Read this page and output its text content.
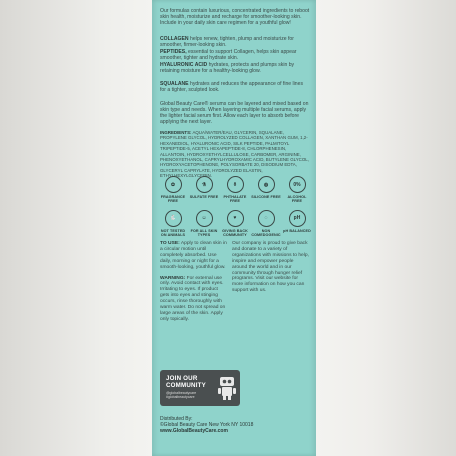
Our formulas contain luxurious, concentrated ingredients to reboot skin health, moisturize and recharge for smoother-looking skin. Include in your daily skin care regimen for a youthful glow!
COLLAGEN helps renew, tighten, plump and moisturize for smoother, firmer-looking skin.
PEPTIDES, essential to support Collagen, helps skin appear smoother, tighter and hydrate skin.
HYALURONIC ACID hydrates, protects and plumps skin by retaining moisture for a healthy-looking glow.
SQUALANE hydrates and reduces the appearance of fine lines for a tighter, sculpted look.
Global Beauty Care® serums can be layered and mixed based on skin type and needs. When layering multiple facial serums, apply the lighter facial serum first. Allow each layer to absorb before applying the next layer.
INGREDIENTS: AQUA/WATER/EAU, GLYCERIN, SQUALANE, PROPYLENE GLYCOL, HYDROLYZED COLLAGEN, XANTHAN GUM, 1,2-HEXANEDIOL, HYALURONIC ACID, SILK PEPTIDE, PALMITOYL TRIPEPTIDE-5, ACETYL HEXAPEPTIDE-8, CHLORPHENESIN, ALLANTOIN, HYDROXYETHYLCELLULOSE, CARBOMER, ARGININE, PHENOXYETHANOL, CAPRYLHYDROXAMIC ACID, BUTYLENE GLYCOL, HYDROXYACETOPHENONE, POLYSORBATE 20, DISODIUM EDTA, GLYCERYL CAPRYLATE, HYDROLYZED ELASTIN, ETHYLHEXYLGLYCERIN.
✿
FRAGRANCE FREE
⚗
SULFATE FREE
⚱
PHTHALATE FREE
◍
SILICONE FREE
0%
ALCOHOL FREE
🐇
NOT TESTED ON ANIMALS
☺
FOR ALL SKIN TYPES
♥
GIVING BACK COMMUNITY
◌
NON COMEDOGENIC
pH
pH BALANCED
TO USE: Apply to clean skin in a circular motion until completely absorbed. Use daily, morning or night for a smooth-looking, youthful glow.
WARNING: For external use only. Avoid contact with eyes. Irritating to eyes. If product gets into eyes and stinging occurs, rinse thoroughly with warm water. Do not spread on large areas of the skin. Apply only topically.
Our company is proud to give back and donate to a variety of organizations with missions to help, inspire and empower people around the world and in our community through hunger relief programs. Visit our website for more information on how you can support with us.
JOIN OUR
COMMUNITY
@globalbeautycare
#globalbeautycare
Distributed By:
©Global Beauty Care New York NY 10018
www.GlobalBeautyCare.com
